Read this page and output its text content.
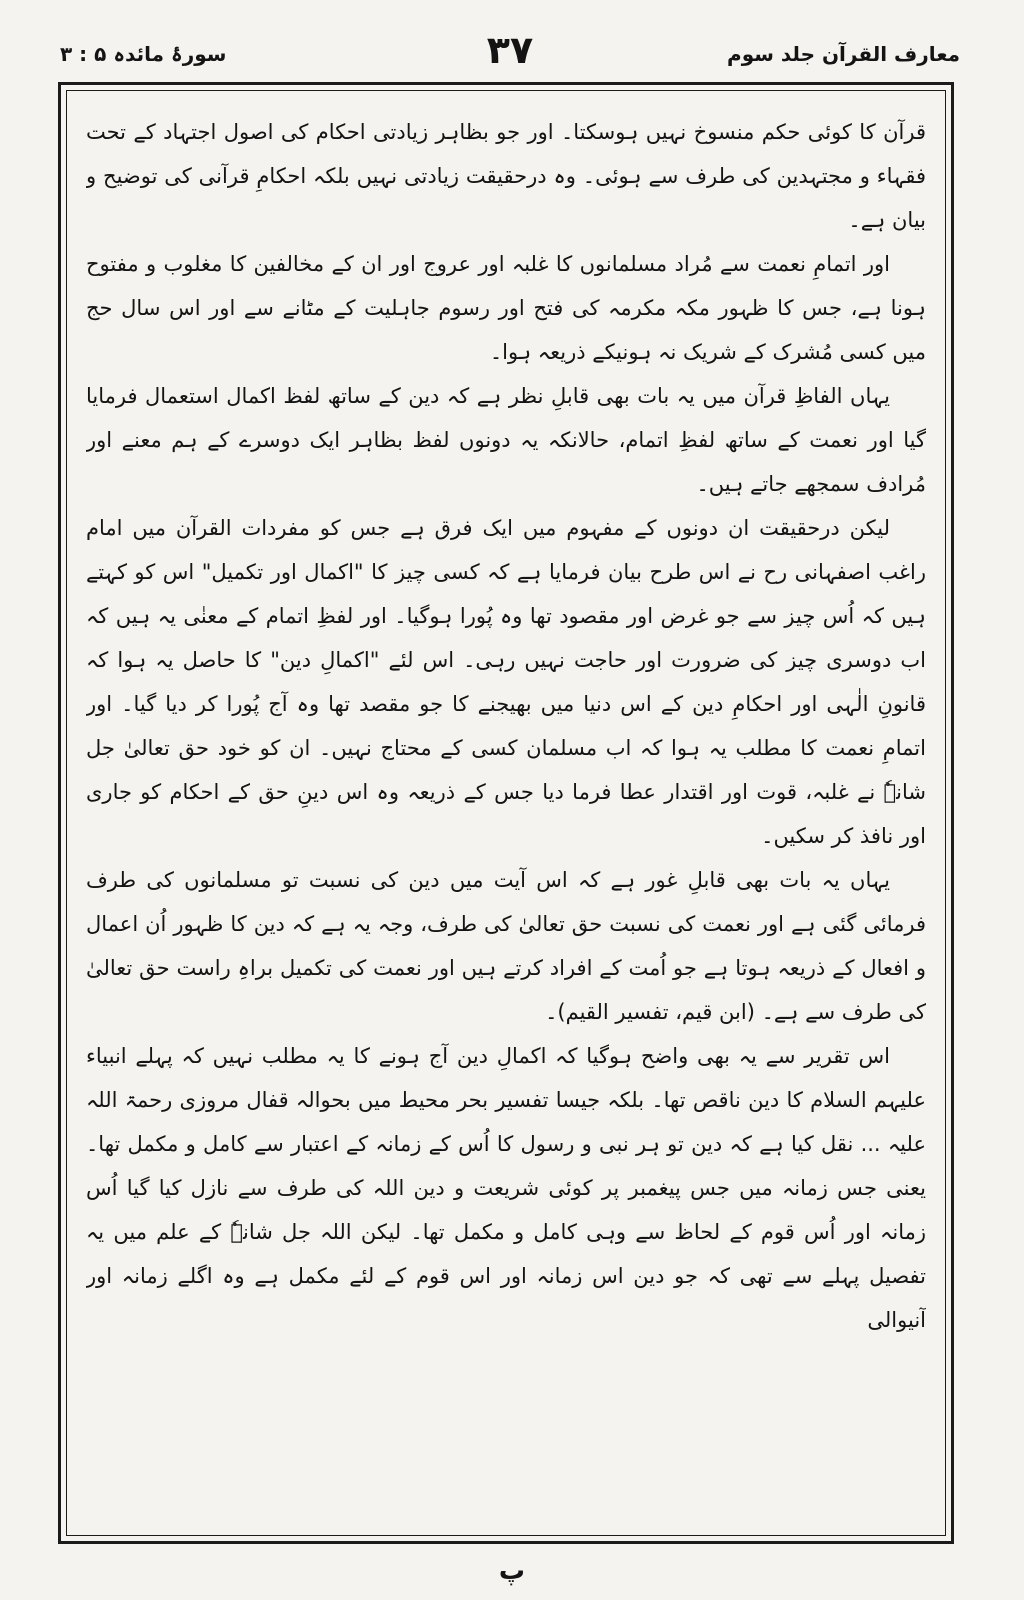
معارف القرآن جلد سوم
۳۷
سورۂ مائدہ ۵ : ۳

قرآن کا کوئی حکم منسوخ نہیں ہوسکتا۔ اور جو بظاہر زیادتی احکام کی اصول اجتہاد کے تحت فقہاء و مجتہدین کی طرف سے ہوئی۔ وہ درحقیقت زیادتی نہیں بلکہ احکامِ قرآنی کی توضیح و بیان ہے۔

اور اتمامِ نعمت سے مُراد مسلمانوں کا غلبہ اور عروج اور ان کے مخالفین کا مغلوب و مفتوح ہونا ہے، جس کا ظہور مکہ مکرمہ کی فتح اور رسوم جاہلیت کے مٹانے سے اور اس سال حج میں کسی مُشرک کے شریک نہ ہونیکے ذریعہ ہوا۔

یہاں الفاظِ قرآن میں یہ بات بھی قابلِ نظر ہے کہ دین کے ساتھ لفظ اکمال استعمال فرمایا گیا اور نعمت کے ساتھ لفظِ اتمام، حالانکہ یہ دونوں لفظ بظاہر ایک دوسرے کے ہم معنے اور مُرادف سمجھے جاتے ہیں۔

لیکن درحقیقت ان دونوں کے مفہوم میں ایک فرق ہے جس کو مفردات القرآن میں امام راغب اصفہانی رح نے اس طرح بیان فرمایا ہے کہ کسی چیز کا "اکمال اور تکمیل" اس کو کہتے ہیں کہ اُس چیز سے جو غرض اور مقصود تھا وہ پُورا ہوگیا۔ اور لفظِ اتمام کے معنٰی یہ ہیں کہ اب دوسری چیز کی ضرورت اور حاجت نہیں رہی۔ اس لئے "اکمالِ دین" کا حاصل یہ ہوا کہ قانونِ الٰہی اور احکامِ دین کے اس دنیا میں بھیجنے کا جو مقصد تھا وہ آج پُورا کر دیا گیا۔ اور اتمامِ نعمت کا مطلب یہ ہوا کہ اب مسلمان کسی کے محتاج نہیں۔ ان کو خود حق تعالیٰ جل شانہٗ نے غلبہ، قوت اور اقتدار عطا فرما دیا جس کے ذریعہ وہ اس دینِ حق کے احکام کو جاری اور نافذ کر سکیں۔

یہاں یہ بات بھی قابلِ غور ہے کہ اس آیت میں دین کی نسبت تو مسلمانوں کی طرف فرمائی گئی ہے اور نعمت کی نسبت حق تعالیٰ کی طرف، وجہ یہ ہے کہ دین کا ظہور اُن اعمال و افعال کے ذریعہ ہوتا ہے جو اُمت کے افراد کرتے ہیں اور نعمت کی تکمیل براہِ راست حق تعالیٰ کی طرف سے ہے۔ (ابن قیم، تفسیر القیم)۔

اس تقریر سے یہ بھی واضح ہوگیا کہ اکمالِ دین آج ہونے کا یہ مطلب نہیں کہ پہلے انبیاء علیہم السلام کا دین ناقص تھا۔ بلکہ جیسا تفسیر بحر محیط میں بحوالہ قفال مروزی رحمۃ اللہ علیہ ... نقل کیا ہے کہ دین تو ہر نبی و رسول کا اُس کے زمانہ کے اعتبار سے کامل و مکمل تھا۔ یعنی جس زمانہ میں جس پیغمبر پر کوئی شریعت و دین اللہ کی طرف سے نازل کیا گیا اُس زمانہ اور اُس قوم کے لحاظ سے وہی کامل و مکمل تھا۔ لیکن اللہ جل شانہٗ کے علم میں یہ تفصیل پہلے سے تھی کہ جو دین اس زمانہ اور اس قوم کے لئے مکمل ہے وہ اگلے زمانہ اور آنیوالی

پ
